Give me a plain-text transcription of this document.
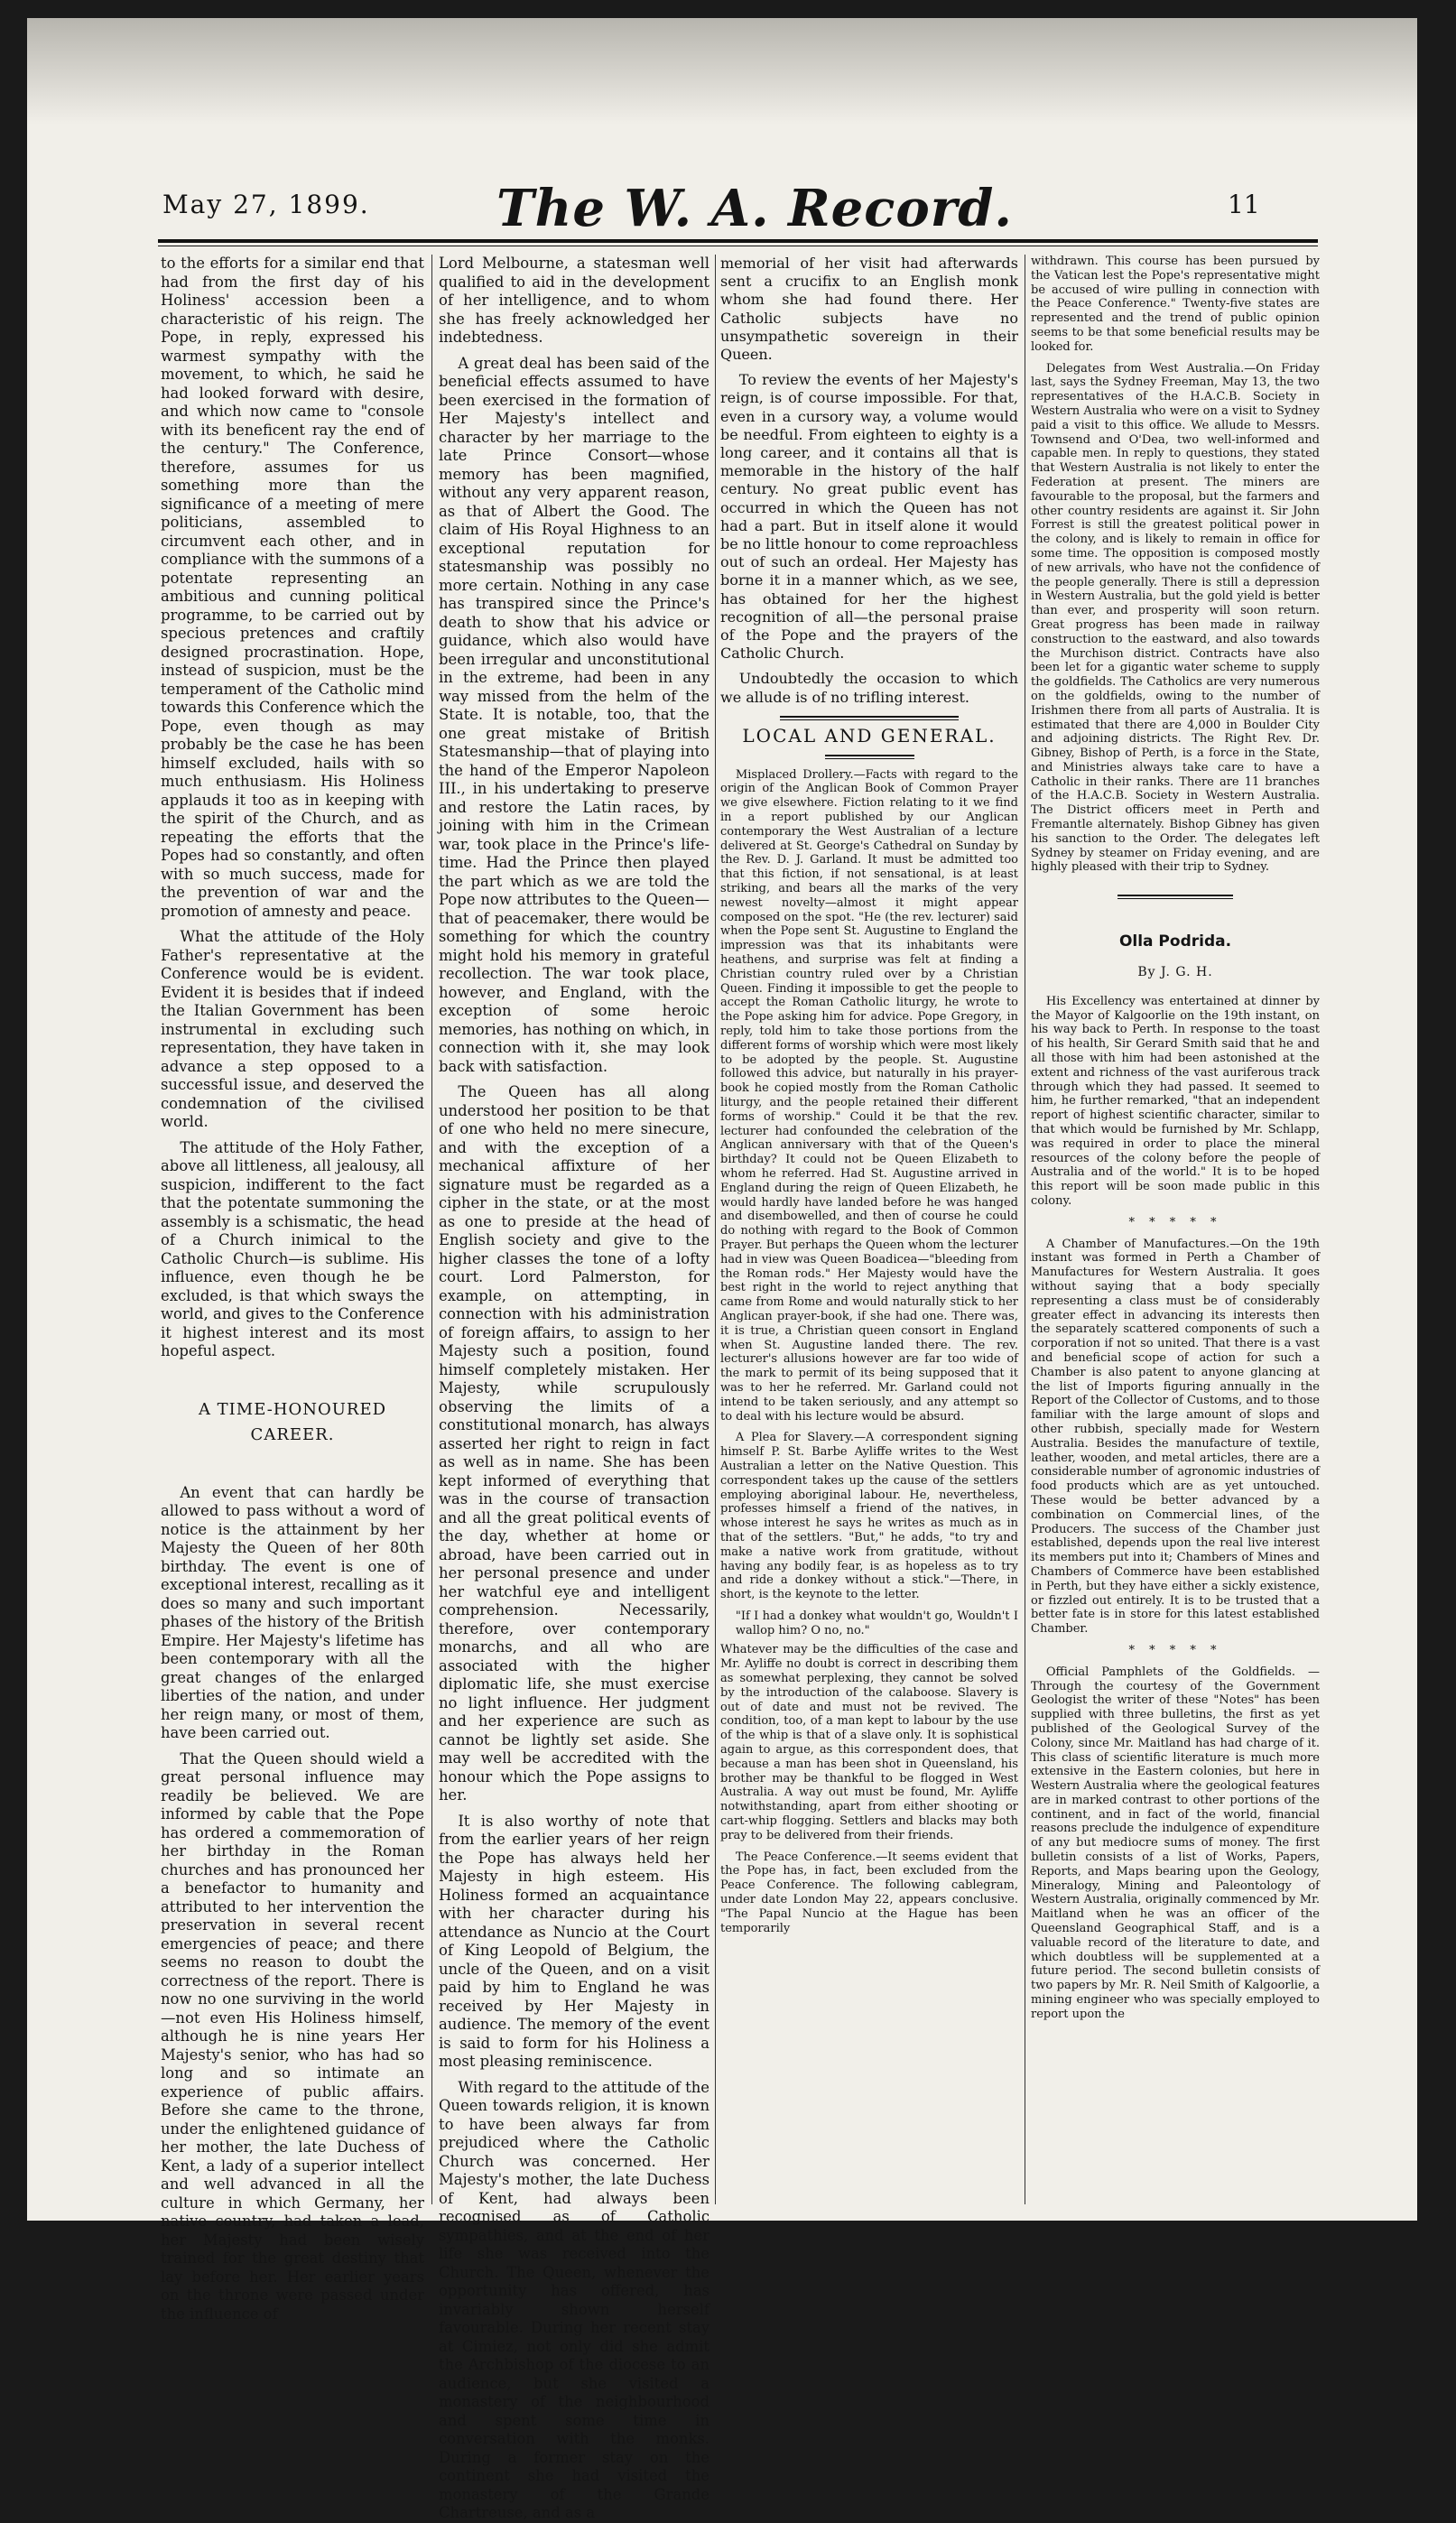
May 27, 1899.	The W. A. Record.	11

to the efforts for a similar end that had from the first day of his Holiness' accession been a characteristic of his reign. The Pope, in reply, expressed his warmest sympathy with the movement, to which, he said he had looked forward with desire, and which now came to "console with its beneficent ray the end of the century." The Conference, therefore, assumes for us something more than the significance of a meeting of mere politicians, assembled to circumvent each other, and in compliance with the summons of a potentate representing an ambitious and cunning political programme, to be carried out by specious pretences and craftily designed procrastination. Hope, instead of suspicion, must be the temperament of the Catholic mind towards this Conference which the Pope, even though as may probably be the case he has been himself excluded, hails with so much enthusiasm. His Holiness applauds it too as in keeping with the spirit of the Church, and as repeating the efforts that the Popes had so constantly, and often with so much success, made for the prevention of war and the promotion of amnesty and peace.

What the attitude of the Holy Father's representative at the Conference would be is evident. Evident it is besides that if indeed the Italian Government has been instrumental in excluding such representation, they have taken in advance a step opposed to a successful issue, and deserved the condemnation of the civilised world.

The attitude of the Holy Father, above all littleness, all jealousy, all suspicion, indifferent to the fact that the potentate summoning the assembly is a schismatic, the head of a Church inimical to the Catholic Church—is sublime. His influence, even though he be excluded, is that which sways the world, and gives to the Conference it highest interest and its most hopeful aspect.

A TIME-HONOURED CAREER.

An event that can hardly be allowed to pass without a word of notice is the attainment by her Majesty the Queen of her 80th birthday. The event is one of exceptional interest, recalling as it does so many and such important phases of the history of the British Empire. Her Majesty's lifetime has been contemporary with all the great changes of the enlarged liberties of the nation, and under her reign many, or most of them, have been carried out.

That the Queen should wield a great personal influence may readily be believed. We are informed by cable that the Pope has ordered a commemoration of her birthday in the Roman churches and has pronounced her a benefactor to humanity and attributed to her intervention the preservation in several recent emergencies of peace; and there seems no reason to doubt the correctness of the report. There is now no one surviving in the world—not even His Holiness himself, although he is nine years Her Majesty's senior, who has had so long and so intimate an experience of public affairs. Before she came to the throne, under the enlightened guidance of her mother, the late Duchess of Kent, a lady of a superior intellect and well advanced in all the culture in which Germany, her native country, had taken a lead, her Majesty had been wisely trained for the great destiny that lay before her. Her earlier years on the throne were passed under the influence of

Lord Melbourne, a statesman well qualified to aid in the development of her intelligence, and to whom she has freely acknowledged her indebtedness.

A great deal has been said of the beneficial effects assumed to have been exercised in the formation of Her Majesty's intellect and character by her marriage to the late Prince Consort—whose memory has been magnified, without any very apparent reason, as that of Albert the Good. The claim of His Royal Highness to an exceptional reputation for statesmanship was possibly no more certain. Nothing in any case has transpired since the Prince's death to show that his advice or guidance, which also would have been irregular and unconstitutional in the extreme, had been in any way missed from the helm of the State. It is notable, too, that the one great mistake of British Statesmanship—that of playing into the hand of the Emperor Napoleon III., in his undertaking to preserve and restore the Latin races, by joining with him in the Crimean war, took place in the Prince's life-time. Had the Prince then played the part which as we are told the Pope now attributes to the Queen—that of peacemaker, there would be something for which the country might hold his memory in grateful recollection. The war took place, however, and England, with the exception of some heroic memories, has nothing on which, in connection with it, she may look back with satisfaction.

The Queen has all along understood her position to be that of one who held no mere sinecure, and with the exception of a mechanical affixture of her signature must be regarded as a cipher in the state, or at the most as one to preside at the head of English society and give to the higher classes the tone of a lofty court. Lord Palmerston, for example, on attempting, in connection with his administration of foreign affairs, to assign to her Majesty such a position, found himself completely mistaken. Her Majesty, while scrupulously observing the limits of a constitutional monarch, has always asserted her right to reign in fact as well as in name. She has been kept informed of everything that was in the course of transaction and all the great political events of the day, whether at home or abroad, have been carried out in her personal presence and under her watchful eye and intelligent comprehension. Necessarily, therefore, over contemporary monarchs, and all who are associated with the higher diplomatic life, she must exercise no light influence. Her judgment and her experience are such as cannot be lightly set aside. She may well be accredited with the honour which the Pope assigns to her.

It is also worthy of note that from the earlier years of her reign the Pope has always held her Majesty in high esteem. His Holiness formed an acquaintance with her character during his attendance as Nuncio at the Court of King Leopold of Belgium, the uncle of the Queen, and on a visit paid by him to England he was received by Her Majesty in audience. The memory of the event is said to form for his Holiness a most pleasing reminiscence.

With regard to the attitude of the Queen towards religion, it is known to have been always far from prejudiced where the Catholic Church was concerned. Her Majesty's mother, the late Duchess of Kent, had always been recognised as of Catholic sympathies, and at the end of her life she was received into the Church. The Queen, whenever the opportunity has offered, has invariably shown herself favourable. During her recent stay at Cimiez, not only did she admit the Archbishop of the diocese to an audience, but she visited a monastery of the neighbourhood and spent some time in conversation with the monks. During a former stay on the continent she had visited the monastery of the Grande Chartreuse, and as a

memorial of her visit had afterwards sent a crucifix to an English monk whom she had found there. Her Catholic subjects have no unsympathetic sovereign in their Queen.

To review the events of her Majesty's reign, is of course impossible. For that, even in a cursory way, a volume would be needful. From eighteen to eighty is a long career, and it contains all that is memorable in the history of the half century. No great public event has occurred in which the Queen has not had a part. But in itself alone it would be no little honour to come reproachless out of such an ordeal. Her Majesty has borne it in a manner which, as we see, has obtained for her the highest recognition of all—the personal praise of the Pope and the prayers of the Catholic Church.

Undoubtedly the occasion to which we allude is of no trifling interest.

LOCAL AND GENERAL.

Misplaced Drollery.—Facts with regard to the origin of the Anglican Book of Common Prayer we give elsewhere. Fiction relating to it we find in a report published by our Anglican contemporary the West Australian of a lecture delivered at St. George's Cathedral on Sunday by the Rev. D. J. Garland. It must be admitted too that this fiction, if not sensational, is at least striking, and bears all the marks of the very newest novelty—almost it might appear composed on the spot. "He (the rev. lecturer) said when the Pope sent St. Augustine to England the impression was that its inhabitants were heathens, and surprise was felt at finding a Christian country ruled over by a Christian Queen. Finding it impossible to get the people to accept the Roman Catholic liturgy, he wrote to the Pope asking him for advice. Pope Gregory, in reply, told him to take those portions from the different forms of worship which were most likely to be adopted by the people. St. Augustine followed this advice, but naturally in his prayer-book he copied mostly from the Roman Catholic liturgy, and the people retained their different forms of worship." Could it be that the rev. lecturer had confounded the celebration of the Anglican anniversary with that of the Queen's birthday? It could not be Queen Elizabeth to whom he referred. Had St. Augustine arrived in England during the reign of Queen Elizabeth, he would hardly have landed before he was hanged and disembowelled, and then of course he could do nothing with regard to the Book of Common Prayer. But perhaps the Queen whom the lecturer had in view was Queen Boadicea—"bleeding from the Roman rods." Her Majesty would have the best right in the world to reject anything that came from Rome and would naturally stick to her Anglican prayer-book, if she had one. There was, it is true, a Christian queen consort in England when St. Augustine landed there. The rev. lecturer's allusions however are far too wide of the mark to permit of its being supposed that it was to her he referred. Mr. Garland could not intend to be taken seriously, and any attempt so to deal with his lecture would be absurd.

A Plea for Slavery.—A correspondent signing himself P. St. Barbe Ayliffe writes to the West Australian a letter on the Native Question. This correspondent takes up the cause of the settlers employing aboriginal labour. He, nevertheless, professes himself a friend of the natives, in whose interest he says he writes as much as in that of the settlers. "But," he adds, "to try and make a native work from gratitude, without having any bodily fear, is as hopeless as to try and ride a donkey without a stick."—There, in short, is the keynote to the letter.

"If I had a donkey what wouldn't go, Wouldn't I wallop him? O no, no."

Whatever may be the difficulties of the case and Mr. Ayliffe no doubt is correct in describing them as somewhat perplexing, they cannot be solved by the introduction of the calaboose. Slavery is out of date and must not be revived. The condition, too, of a man kept to labour by the use of the whip is that of a slave only. It is sophistical again to argue, as this correspondent does, that because a man has been shot in Queensland, his brother may be thankful to be flogged in West Australia. A way out must be found, Mr. Ayliffe notwithstanding, apart from either shooting or cart-whip flogging. Settlers and blacks may both pray to be delivered from their friends.

The Peace Conference.—It seems evident that the Pope has, in fact, been excluded from the Peace Conference. The following cablegram, under date London May 22, appears conclusive. "The Papal Nuncio at the Hague has been temporarily

withdrawn. This course has been pursued by the Vatican lest the Pope's representative might be accused of wire pulling in connection with the Peace Conference." Twenty-five states are represented and the trend of public opinion seems to be that some beneficial results may be looked for.

Delegates from West Australia.—On Friday last, says the Sydney Freeman, May 13, the two representatives of the H.A.C.B. Society in Western Australia who were on a visit to Sydney paid a visit to this office. We allude to Messrs. Townsend and O'Dea, two well-informed and capable men. In reply to questions, they stated that Western Australia is not likely to enter the Federation at present. The miners are favourable to the proposal, but the farmers and other country residents are against it. Sir John Forrest is still the greatest political power in the colony, and is likely to remain in office for some time. The opposition is composed mostly of new arrivals, who have not the confidence of the people generally. There is still a depression in Western Australia, but the gold yield is better than ever, and prosperity will soon return. Great progress has been made in railway construction to the eastward, and also towards the Murchison district. Contracts have also been let for a gigantic water scheme to supply the goldfields. The Catholics are very numerous on the goldfields, owing to the number of Irishmen there from all parts of Australia. It is estimated that there are 4,000 in Boulder City and adjoining districts. The Right Rev. Dr. Gibney, Bishop of Perth, is a force in the State, and Ministries always take care to have a Catholic in their ranks. There are 11 branches of the H.A.C.B. Society in Western Australia. The District officers meet in Perth and Fremantle alternately. Bishop Gibney has given his sanction to the Order. The delegates left Sydney by steamer on Friday evening, and are highly pleased with their trip to Sydney.

Olla Podrida.

By J. G. H.

His Excellency was entertained at dinner by the Mayor of Kalgoorlie on the 19th instant, on his way back to Perth. In response to the toast of his health, Sir Gerard Smith said that he and all those with him had been astonished at the extent and richness of the vast auriferous track through which they had passed. It seemed to him, he further remarked, "that an independent report of highest scientific character, similar to that which would be furnished by Mr. Schlapp, was required in order to place the mineral resources of the colony before the people of Australia and of the world." It is to be hoped this report will be soon made public in this colony.

* * * * *

A Chamber of Manufactures.—On the 19th instant was formed in Perth a Chamber of Manufactures for Western Australia. It goes without saying that a body specially representing a class must be of considerably greater effect in advancing its interests then the separately scattered components of such a corporation if not so united. That there is a vast and beneficial scope of action for such a Chamber is also patent to anyone glancing at the list of Imports figuring annually in the Report of the Collector of Customs, and to those familiar with the large amount of slops and other rubbish, specially made for Western Australia. Besides the manufacture of textile, leather, wooden, and metal articles, there are a considerable number of agronomic industries of food products which are as yet untouched. These would be better advanced by a combination on Commercial lines, of the Producers. The success of the Chamber just established, depends upon the real live interest its members put into it; Chambers of Mines and Chambers of Commerce have been established in Perth, but they have either a sickly existence, or fizzled out entirely. It is to be trusted that a better fate is in store for this latest established Chamber.

* * * * *

Official Pamphlets of the Goldfields. — Through the courtesy of the Government Geologist the writer of these "Notes" has been supplied with three bulletins, the first as yet published of the Geological Survey of the Colony, since Mr. Maitland has had charge of it. This class of scientific literature is much more extensive in the Eastern colonies, but here in Western Australia where the geological features are in marked contrast to other portions of the continent, and in fact of the world, financial reasons preclude the indulgence of expenditure of any but mediocre sums of money. The first bulletin consists of a list of Works, Papers, Reports, and Maps bearing upon the Geology, Mineralogy, Mining and Paleontology of Western Australia, originally commenced by Mr. Maitland when he was an officer of the Queensland Geographical Staff, and is a valuable record of the literature to date, and which doubtless will be supplemented at a future period. The second bulletin consists of two papers by Mr. R. Neil Smith of Kalgoorlie, a mining engineer who was specially employed to report upon the
